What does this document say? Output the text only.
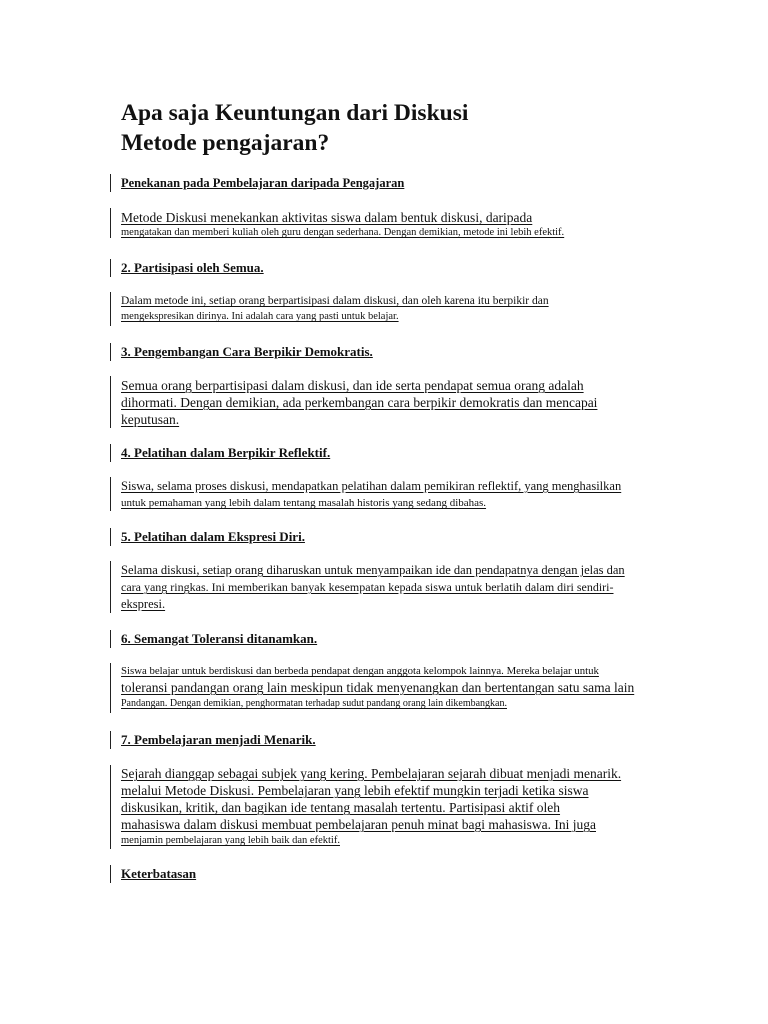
Apa saja Keuntungan dari Diskusi
Metode pengajaran?
Penekanan pada Pembelajaran daripada Pengajaran
Metode Diskusi menekankan aktivitas siswa dalam bentuk diskusi, daripada
mengatakan dan memberi kuliah oleh guru dengan sederhana. Dengan demikian, metode ini lebih efektif.
2. Partisipasi oleh Semua.
Dalam metode ini, setiap orang berpartisipasi dalam diskusi, dan oleh karena itu berpikir dan
mengekspresikan dirinya. Ini adalah cara yang pasti untuk belajar.
3. Pengembangan Cara Berpikir Demokratis.
Semua orang berpartisipasi dalam diskusi, dan ide serta pendapat semua orang adalah
dihormati. Dengan demikian, ada perkembangan cara berpikir demokratis dan mencapai
keputusan.
4. Pelatihan dalam Berpikir Reflektif.
Siswa, selama proses diskusi, mendapatkan pelatihan dalam pemikiran reflektif, yang menghasilkan
untuk pemahaman yang lebih dalam tentang masalah historis yang sedang dibahas.
5. Pelatihan dalam Ekspresi Diri.
Selama diskusi, setiap orang diharuskan untuk menyampaikan ide dan pendapatnya dengan jelas dan
cara yang ringkas. Ini memberikan banyak kesempatan kepada siswa untuk berlatih dalam diri sendiri-
ekspresi.
6. Semangat Toleransi ditanamkan.
Siswa belajar untuk berdiskusi dan berbeda pendapat dengan anggota kelompok lainnya. Mereka belajar untuk
toleransi pandangan orang lain meskipun tidak menyenangkan dan bertentangan satu sama lain
Pandangan. Dengan demikian, penghormatan terhadap sudut pandang orang lain dikembangkan.
7. Pembelajaran menjadi Menarik.
Sejarah dianggap sebagai subjek yang kering. Pembelajaran sejarah dibuat menjadi menarik.
melalui Metode Diskusi. Pembelajaran yang lebih efektif mungkin terjadi ketika siswa
diskusikan, kritik, dan bagikan ide tentang masalah tertentu. Partisipasi aktif oleh
mahasiswa dalam diskusi membuat pembelajaran penuh minat bagi mahasiswa. Ini juga
menjamin pembelajaran yang lebih baik dan efektif.
Keterbatasan
